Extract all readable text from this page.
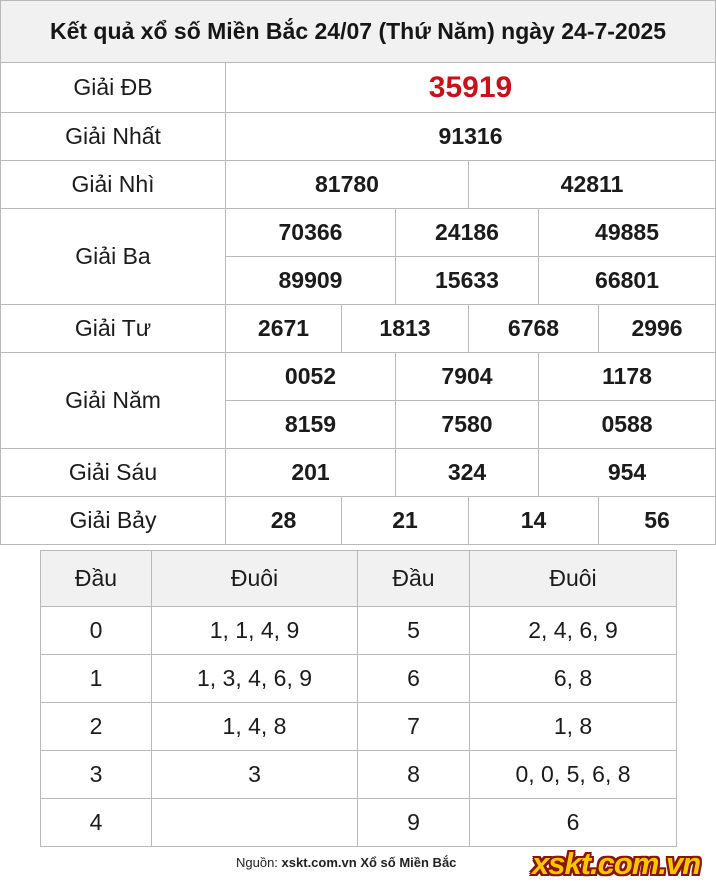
Kết quả xổ số Miền Bắc 24/07 (Thứ Năm) ngày 24-7-2025						
Giải ĐB	35919					
Giải Nhất	91316					
Giải Nhì	81780			42811		
Giải Ba	70366		24186		49885	
	89909		15633		66801	
Giải Tư	2671	1813		6768		2996
Giải Năm	0052		7904		1178	
	8159		7580		0588	
Giải Sáu	201		324		954	
Giải Bảy	28	21		14		56
Đầu	Đuôi	Đầu	Đuôi
0	1, 1, 4, 9	5	2, 4, 6, 9
1	1, 3, 4, 6, 9	6	6, 8
2	1, 4, 8	7	1, 8
3	3	8	0, 0, 5, 6, 8
4		9	6
Nguồn: xskt.com.vn Xổ số Miền Bắc xskt.com.vn
